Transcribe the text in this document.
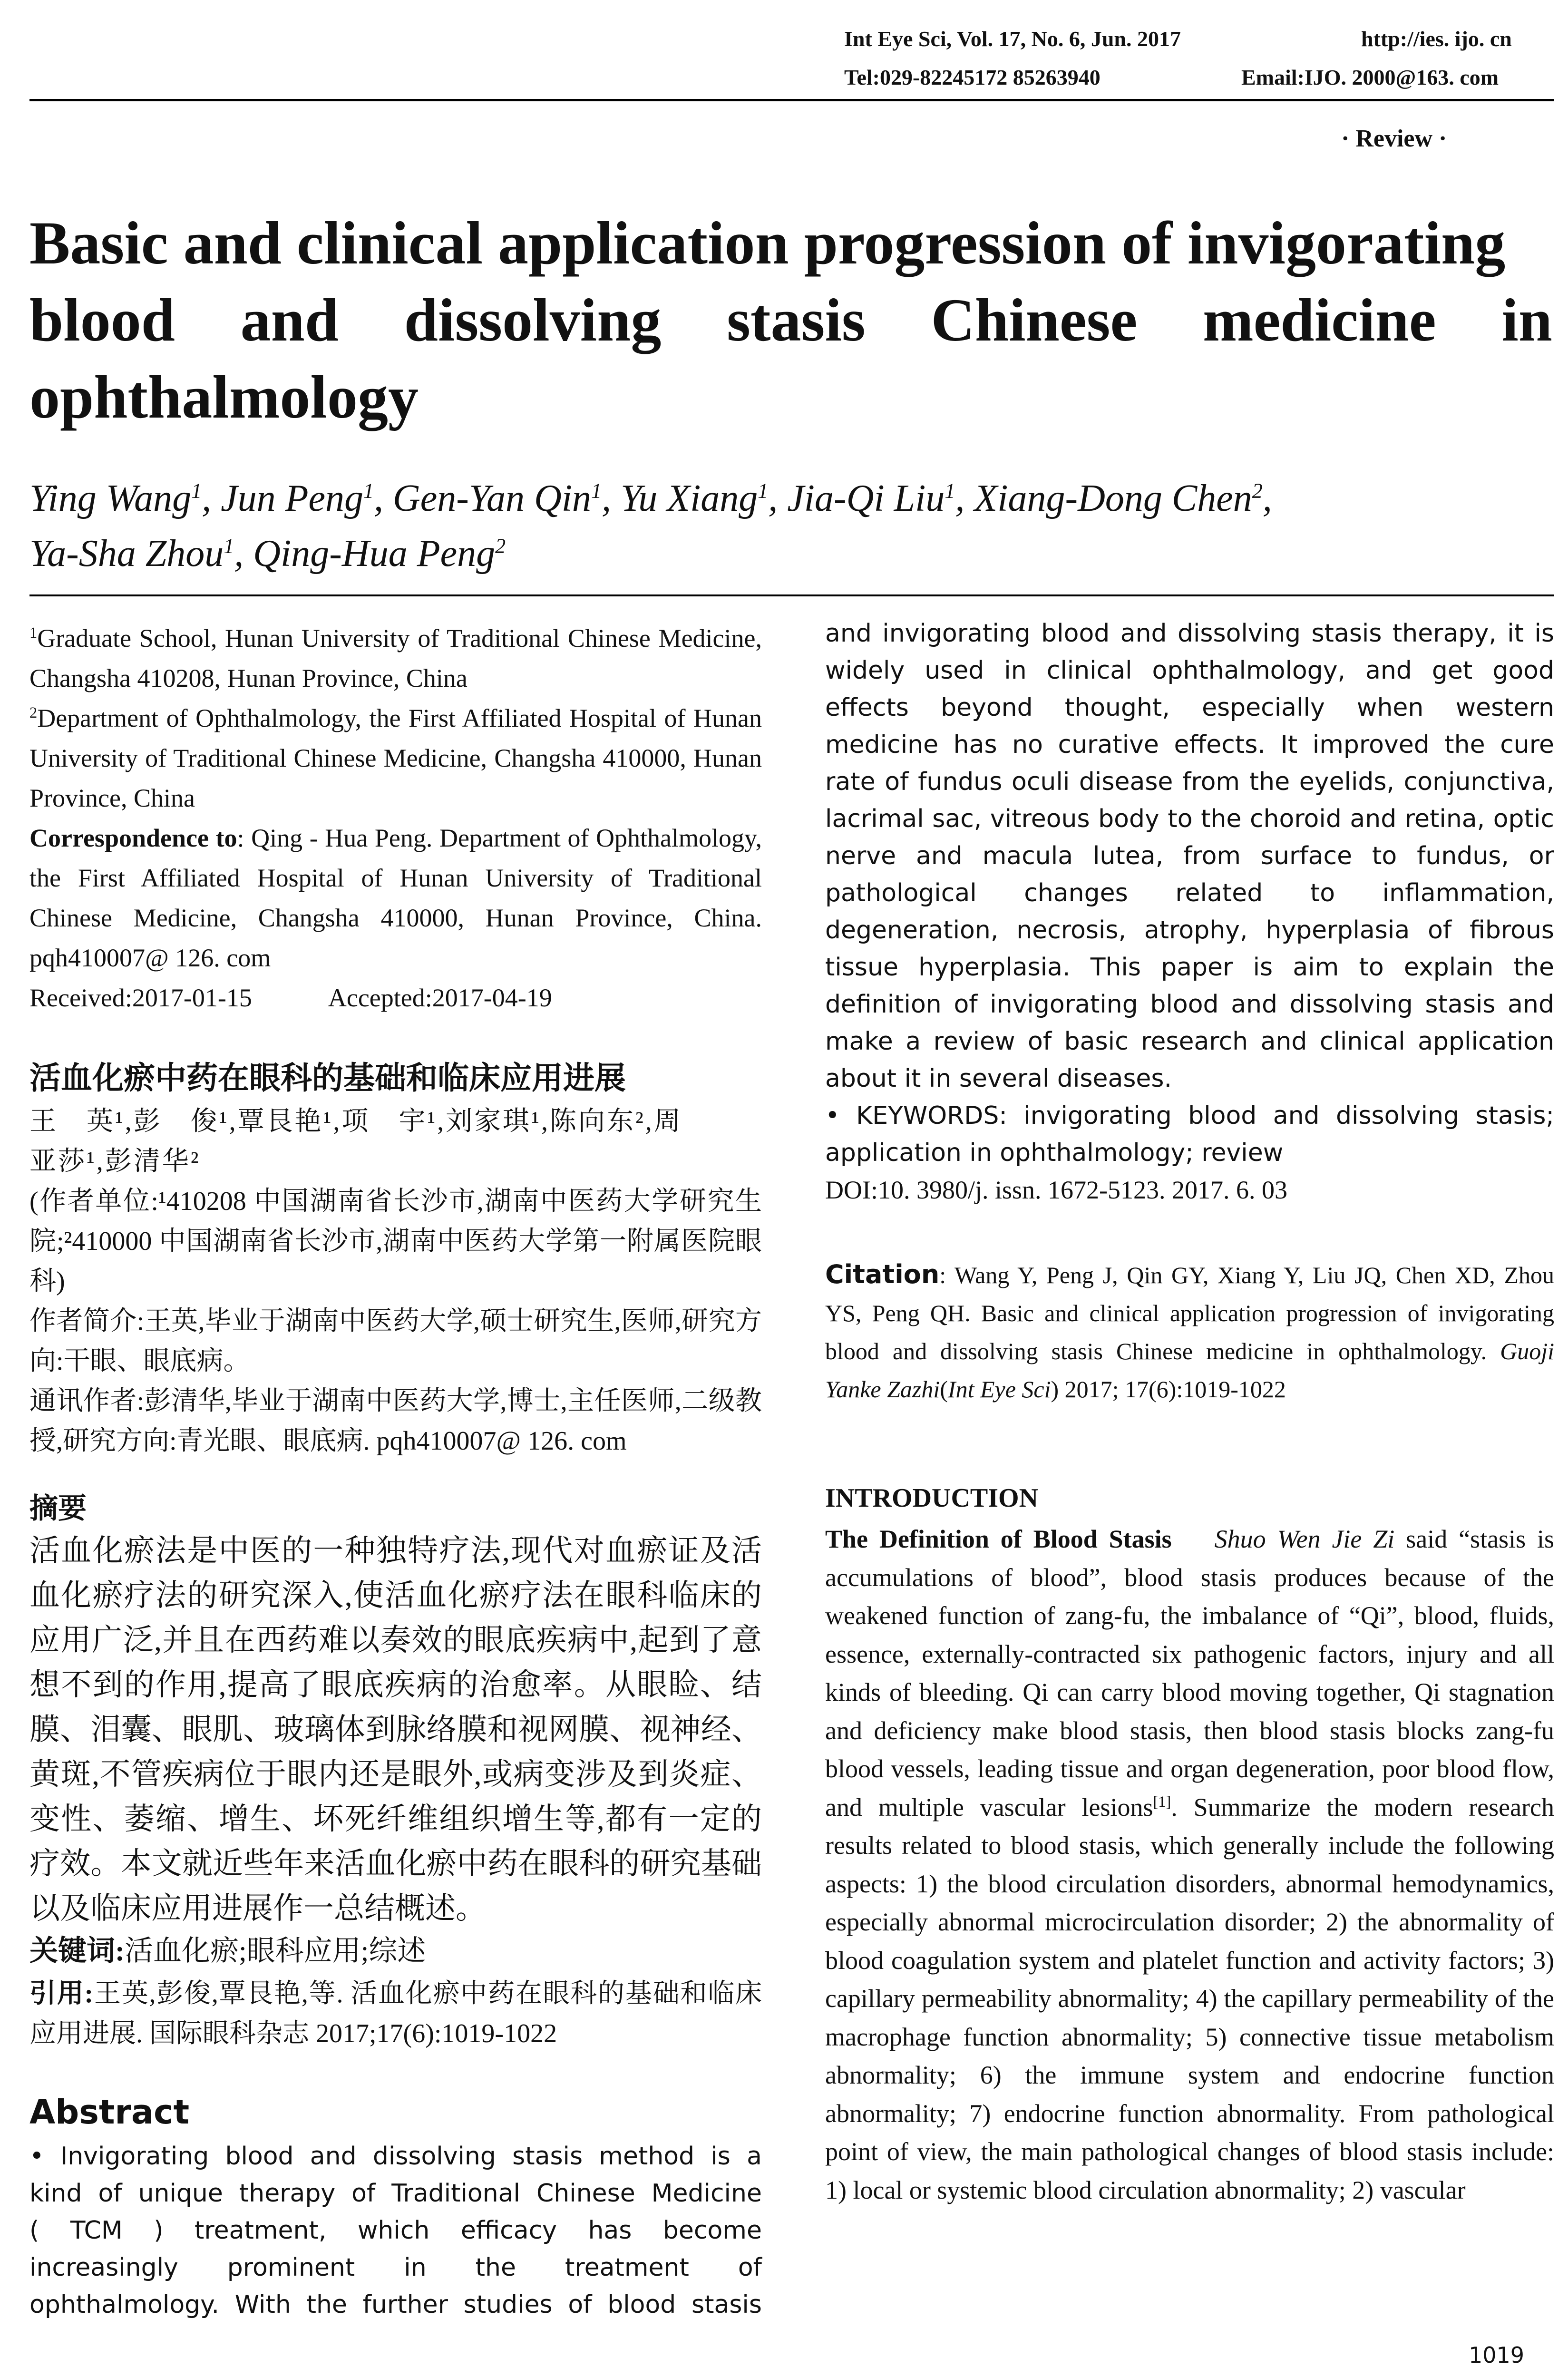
Int Eye Sci, Vol. 17, No. 6, Jun. 2017	http://ies. ijo. cn
Tel:029-82245172 85263940	Email:IJO. 2000@163. com
· Review ·
Basic and clinical application progression of invigorating
blood and dissolving stasis Chinese medicine in
ophthalmology
Ying Wang$^1$, Jun Peng$^1$, Gen-Yan Qin$^1$, Yu Xiang$^1$, Jia-Qi Liu$^1$, Xiang-Dong Chen$^2$,
Ya-Sha Zhou$^1$, Qing-Hua Peng$^2$

$^1$Graduate School, Hunan University of Traditional Chinese Medicine, Changsha 410208, Hunan Province, China

$^2$Department of Ophthalmology, the First Affiliated Hospital of Hunan University of Traditional Chinese Medicine, Changsha 410000, Hunan Province, China

Correspondence to: Qing - Hua Peng. Department of Ophthalmology, the First Affiliated Hospital of Hunan University of Traditional Chinese Medicine, Changsha 410000, Hunan Province, China. pqh410007@ 126. com

Received:2017-01-15	Accepted:2017-04-19

活血化瘀中药在眼科的基础和临床应用进展

王　英¹,彭　俊¹,覃艮艳¹,项　宇¹,刘家琪¹,陈向东²,周
亚莎¹,彭清华²

(作者单位:¹410208 中国湖南省长沙市,湖南中医药大学研究生院;²410000 中国湖南省长沙市,湖南中医药大学第一附属医院眼科)

作者简介:王英,毕业于湖南中医药大学,硕士研究生,医师,研究方向:干眼、眼底病。

通讯作者:彭清华,毕业于湖南中医药大学,博士,主任医师,二级教授,研究方向:青光眼、眼底病. pqh410007@ 126. com

摘要

活血化瘀法是中医的一种独特疗法,现代对血瘀证及活血化瘀疗法的研究深入,使活血化瘀疗法在眼科临床的应用广泛,并且在西药难以奏效的眼底疾病中,起到了意想不到的作用,提高了眼底疾病的治愈率。从眼睑、结膜、泪囊、眼肌、玻璃体到脉络膜和视网膜、视神经、黄斑,不管疾病位于眼内还是眼外,或病变涉及到炎症、变性、萎缩、增生、坏死纤维组织增生等,都有一定的疗效。本文就近些年来活血化瘀中药在眼科的研究基础以及临床应用进展作一总结概述。

关键词:活血化瘀;眼科应用;综述

引用:王英,彭俊,覃艮艳,等. 活血化瘀中药在眼科的基础和临床应用进展. 国际眼科杂志 2017;17(6):1019-1022

Abstract
• Invigorating blood and dissolving stasis method is a
kind of unique therapy of Traditional Chinese Medicine
( TCM ) treatment, which efficacy has become
increasingly prominent in the treatment of
ophthalmology. With the further studies of blood stasis

and invigorating blood and dissolving stasis therapy, it is widely used in clinical ophthalmology, and get good effects beyond thought, especially when western medicine has no curative effects. It improved the cure rate of fundus oculi disease from the eyelids, conjunctiva, lacrimal sac, vitreous body to the choroid and retina, optic nerve and macula lutea, from surface to fundus, or pathological changes related to inflammation, degeneration, necrosis, atrophy, hyperplasia of fibrous tissue hyperplasia. This paper is aim to explain the definition of invigorating blood and dissolving stasis and make a review of basic research and clinical application about it in several diseases.

• KEYWORDS: invigorating blood and dissolving stasis; application in ophthalmology; review

DOI:10. 3980/j. issn. 1672-5123. 2017. 6. 03

Citation: Wang Y, Peng J, Qin GY, Xiang Y, Liu JQ, Chen XD, Zhou YS, Peng QH. Basic and clinical application progression of invigorating blood and dissolving stasis Chinese medicine in ophthalmology. Guoji Yanke Zazhi(Int Eye Sci) 2017; 17(6):1019-1022

INTRODUCTION

The Definition of Blood Stasis Shuo Wen Jie Zi said “stasis is accumulations of blood”, blood stasis produces because of the weakened function of zang-fu, the imbalance of “Qi”, blood, fluids, essence, externally-contracted six pathogenic factors, injury and all kinds of bleeding. Qi can carry blood moving together, Qi stagnation and deficiency make blood stasis, then blood stasis blocks zang-fu blood vessels, leading tissue and organ degeneration, poor blood flow, and multiple vascular lesions[1]. Summarize the modern research results related to blood stasis, which generally include the following aspects: 1) the blood circulation disorders, abnormal hemodynamics, especially abnormal microcirculation disorder; 2) the abnormality of blood coagulation system and platelet function and activity factors; 3) capillary permeability abnormality; 4) the capillary permeability of the macrophage function abnormality; 5) connective tissue metabolism abnormality; 6) the immune system and endocrine function abnormality; 7) endocrine function abnormality. From pathological point of view, the main pathological changes of blood stasis include: 1) local or systemic blood circulation abnormality; 2) vascular

1019
